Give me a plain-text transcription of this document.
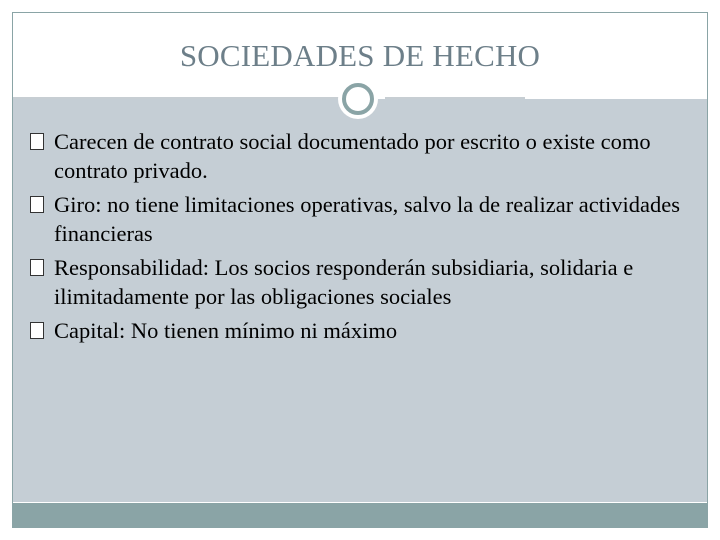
SOCIEDADES DE HECHO
Carecen de contrato social documentado por escrito o existe como contrato privado.
Giro: no tiene limitaciones operativas, salvo la de realizar actividades financieras
Responsabilidad: Los socios responderán subsidiaria, solidaria e ilimitadamente por las obligaciones sociales
Capital: No tienen mínimo ni máximo
